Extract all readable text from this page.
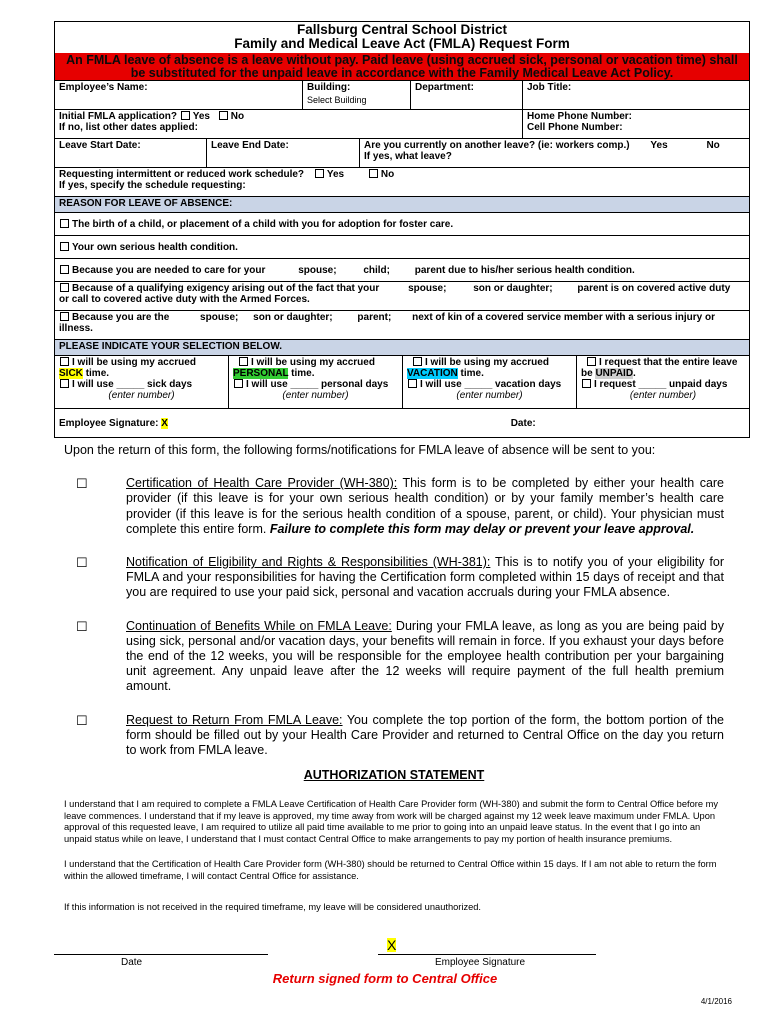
Fallsburg Central School District
Family and Medical Leave Act (FMLA) Request Form
An FMLA leave of absence is a leave without pay. Paid leave (using accrued sick, personal or vacation time) shall be substituted for the unpaid leave in accordance with the Family Medical Leave Act Policy.
Employee’s Name:	Building:
Select Building
Department:	Job Title:
Initial FMLA application? Yes No
If no, list other dates applied:
Home Phone Number:
Cell Phone Number:
Leave Start Date:	Leave End Date:	Are you currently on another leave? (ie: workers comp.) Yes	No
If yes, what leave?
Requesting intermittent or reduced work schedule? Yes	No
If yes, specify the schedule requesting:
REASON FOR LEAVE OF ABSENCE:
The birth of a child, or placement of a child with you for adoption for foster care.
Your own serious health condition.
Because you are needed to care for your	spouse;	child; parent due to his/her serious health condition.
Because of a qualifying exigency arising out of the fact that your	spouse;	son or daughter; parent is on covered active duty
or call to covered active duty with the Armed Forces.
Because you are the	spouse; son or daughter; parent; next of kin of a covered service member with a serious injury or
illness.
PLEASE INDICATE YOUR SELECTION BELOW.
I will be using my accrued
SICK time.
I will use _____ sick days
(enter number)
I will be using my accrued
PERSONAL time.
I will use _____ personal days
(enter number)
I will be using my accrued
VACATION time.
I will use _____ vacation days
(enter number)
I request that the entire leave
be UNPAID.
I request _____ unpaid days
(enter number)
Employee Signature: X	Date:
Upon the return of this form, the following forms/notifications for FMLA leave of absence will be sent to you:
☐	Certification of Health Care Provider (WH-380): This form is to be completed by either your health care provider (if this leave is for your own serious health condition) or by your family member’s health care provider (if this leave is for the serious health condition of a spouse, parent, or child). Your physician must complete this entire form. Failure to complete this form may delay or prevent your leave approval.
☐	Notification of Eligibility and Rights & Responsibilities (WH-381): This is to notify you of your eligibility for FMLA and your responsibilities for having the Certification form completed within 15 days of receipt and that you are required to use your paid sick, personal and vacation accruals during your FMLA absence.
☐	Continuation of Benefits While on FMLA Leave: During your FMLA leave, as long as you are being paid by using sick, personal and/or vacation days, your benefits will remain in force. If you exhaust your days before the end of the 12 weeks, you will be responsible for the employee health contribution per your bargaining unit agreement. Any unpaid leave after the 12 weeks will require payment of the full health premium amount.
☐	Request to Return From FMLA Leave: You complete the top portion of the form, the bottom portion of the form should be filled out by your Health Care Provider and returned to Central Office on the day you return to work from FMLA leave.
AUTHORIZATION STATEMENT
I understand that I am required to complete a FMLA Leave Certification of Health Care Provider form (WH-380) and submit the form to Central Office before my leave commences. I understand that if my leave is approved, my time away from work will be charged against my 12 week leave maximum under FMLA. Upon approval of this requested leave, I am required to utilize all paid time available to me prior to going into an unpaid leave status. In the event that I go into an unpaid status while on leave, I understand that I must contact Central Office to make arrangements to pay my portion of health insurance premiums.
I understand that the Certification of Health Care Provider form (WH-380) should be returned to Central Office within 15 days. If I am not able to return the form within the allowed timeframe, I will contact Central Office for assistance.
If this information is not received in the required timeframe, my leave will be considered unauthorized.
X
Date	Employee Signature
Return signed form to Central Office
4/1/2016
